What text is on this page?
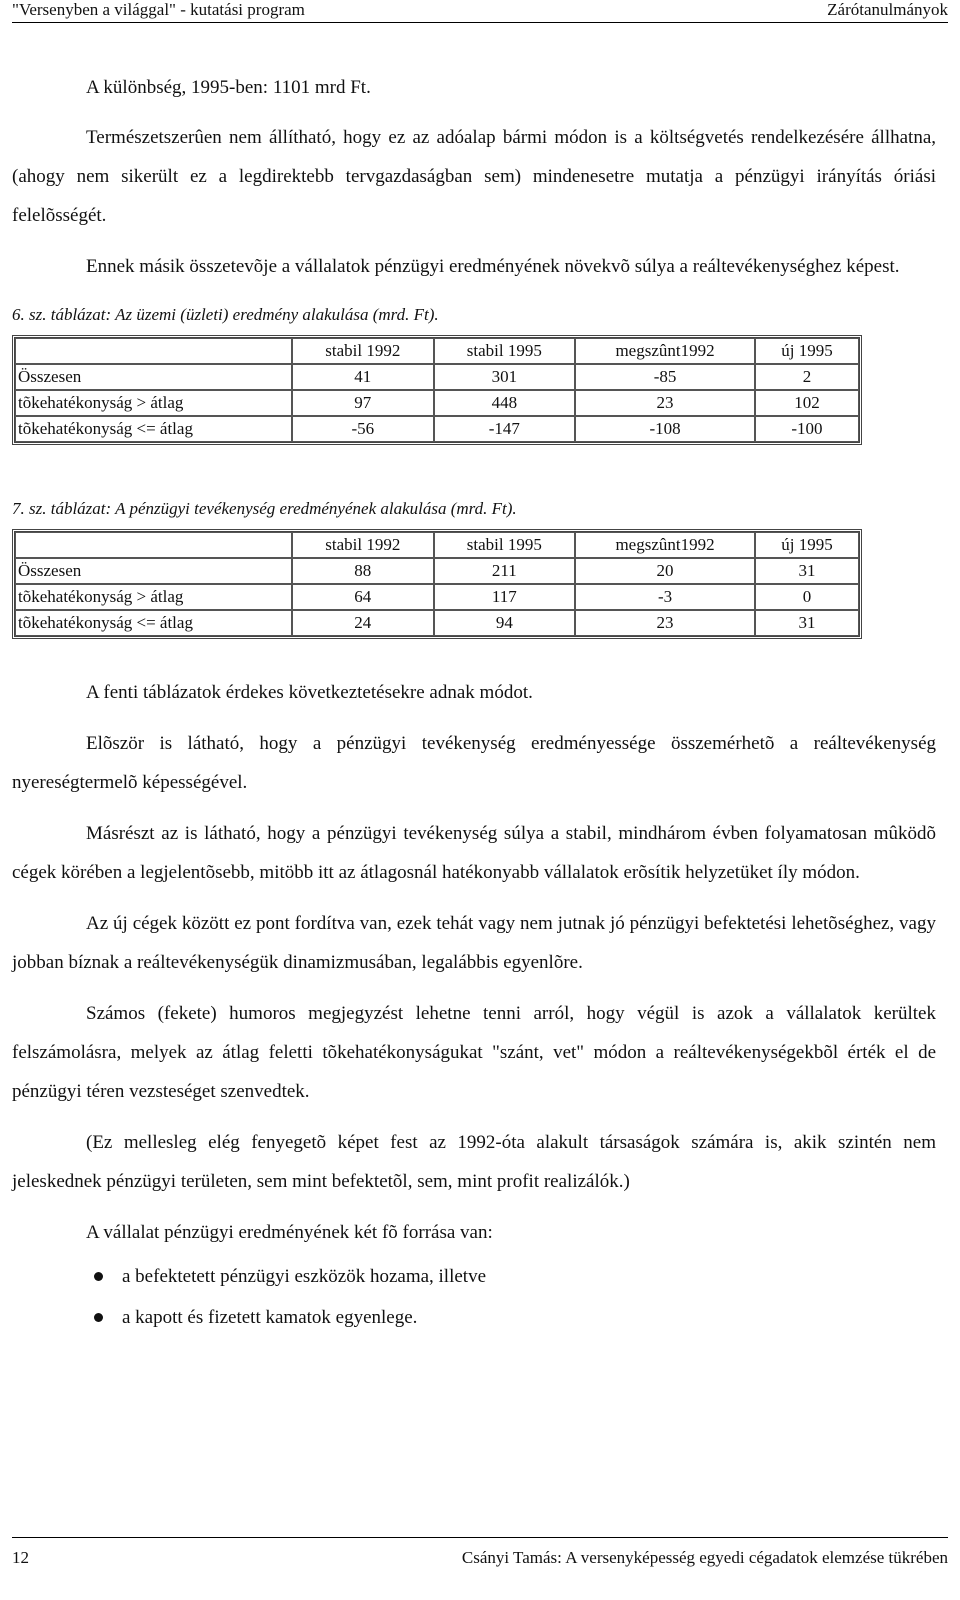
"Versenyben a világgal" - kutatási program	Zárótanulmányok

A különbség, 1995-ben: 1101 mrd Ft.

Természetszerûen nem állítható, hogy ez az adóalap bármi módon is a költségvetés rendelkezésére állhatna, (ahogy nem sikerült ez a legdirektebb tervgazdaságban sem) mindenesetre mutatja a pénzügyi irányítás óriási felelõsségét.

Ennek másik összetevõje a vállalatok pénzügyi eredményének növekvõ súlya a reáltevékenységhez képest.

6. sz. táblázat: Az üzemi (üzleti) eredmény alakulása (mrd. Ft).
	stabil 1992	stabil 1995	megszûnt1992	új 1995
Összesen	41	301	-85	2
tõkehatékonyság > átlag	97	448	23	102
tõkehatékonyság <= átlag	-56	-147	-108	-100
7. sz. táblázat: A pénzügyi tevékenység eredményének alakulása (mrd. Ft).
	stabil 1992	stabil 1995	megszûnt1992	új 1995
Összesen	88	211	20	31
tõkehatékonyság > átlag	64	117	-3	0
tõkehatékonyság <= átlag	24	94	23	31

A fenti táblázatok érdekes következtetésekre adnak módot.

Elõször is látható, hogy a pénzügyi tevékenység eredményessége összemérhetõ a reáltevékenység nyereségtermelõ képességével.

Másrészt az is látható, hogy a pénzügyi tevékenység súlya a stabil, mindhárom évben folyamatosan mûködõ cégek körében a legjelentõsebb, mitöbb itt az átlagosnál hatékonyabb vállalatok erõsítik helyzetüket íly módon.

Az új cégek között ez pont fordítva van, ezek tehát vagy nem jutnak jó pénzügyi befektetési lehetõséghez, vagy jobban bíznak a reáltevékenységük dinamizmusában, legalábbis egyenlõre.

Számos (fekete) humoros megjegyzést lehetne tenni arról, hogy végül is azok a vállalatok kerültek felszámolásra, melyek az átlag feletti tõkehatékonyságukat "szánt, vet" módon a reáltevékenységekbõl érték el de pénzügyi téren vezsteséget szenvedtek.

(Ez mellesleg elég fenyegetõ képet fest az 1992-óta alakult társaságok számára is, akik szintén nem jeleskednek pénzügyi területen, sem mint befektetõl, sem, mint profit realizálók.)

A vállalat pénzügyi eredményének két fõ forrása van:

a befektetett pénzügyi eszközök hozama, illetve
a kapott és fizetett kamatok egyenlege.
12	Csányi Tamás: A versenyképesség egyedi cégadatok elemzése tükrében
